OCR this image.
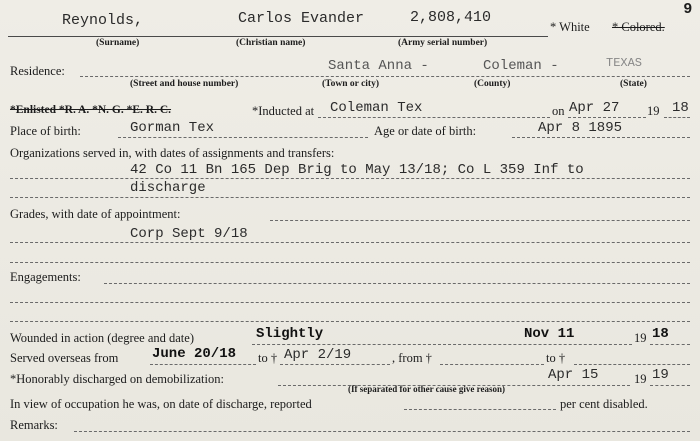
9
Reynolds,	Carlos Evander	2,808,410
* White * Colored.
(Surname)	(Christian name)	(Army serial number)
Residence:	Santa Anna -	Coleman -	TEXAS
(Street and house number)	(Town or city)	(County)	(State)
*Enlisted *R. A. *N. G. *E. R. C.	*Inducted at Coleman Tex	on Apr 27 19 18
Place of birth:	Gorman Tex	Age or date of birth:	Apr 8 1895
Organizations served in, with dates of assignments and transfers:
42 Co 11 Bn 165 Dep Brig to May 13/18; Co L 359 Inf to
discharge
Grades, with date of appointment:
Corp Sept 9/18
Engagements:
Wounded in action (degree and date)	Slightly	Nov 11	19 18
Served overseas from June 20/18 to † Apr 2/19	, from †	to †
*Honorably discharged on demobilization:	Apr 15	19 19
(If separated for other cause give reason)
In view of occupation he was, on date of discharge, reported	per cent disabled.
Remarks:
